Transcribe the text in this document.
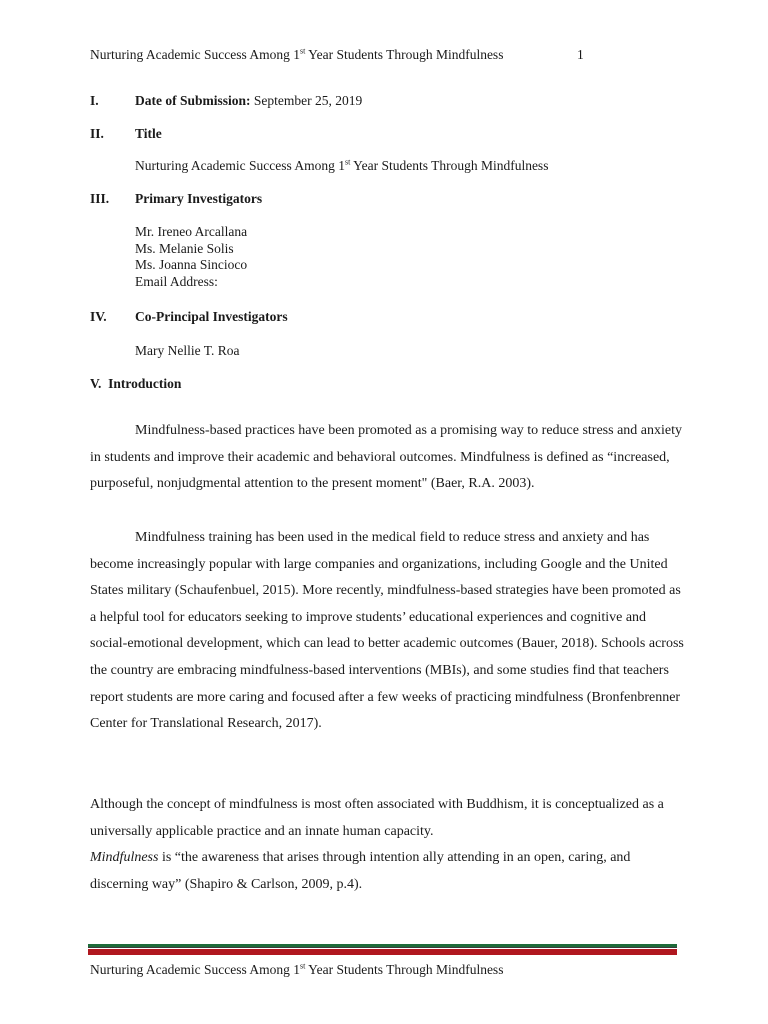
Nurturing Academic Success Among 1st Year Students Through Mindfulness	1
I.	Date of Submission: September 25, 2019
II.	Title
Nurturing Academic Success Among 1st Year Students Through Mindfulness
III.	Primary Investigators
Mr. Ireneo Arcallana
Ms. Melanie Solis
Ms. Joanna Sincioco
Email Address:
IV.	Co-Principal Investigators
Mary Nellie T. Roa
V.  Introduction
Mindfulness-based practices have been promoted as a promising way to reduce stress and anxiety in students and improve their academic and behavioral outcomes. Mindfulness is defined as “increased, purposeful, nonjudgmental attention to the present moment" (Baer, R.A. 2003).
Mindfulness training has been used in the medical field to reduce stress and anxiety and has become increasingly popular with large companies and organizations, including Google and the United States military (Schaufenbuel, 2015). More recently, mindfulness-based strategies have been promoted as a helpful tool for educators seeking to improve students’ educational experiences and cognitive and social-emotional development, which can lead to better academic outcomes (Bauer, 2018). Schools across the country are embracing mindfulness-based interventions (MBIs), and some studies find that teachers report students are more caring and focused after a few weeks of practicing mindfulness (Bronfenbrenner Center for Translational Research, 2017).
Although the concept of mindfulness is most often associated with Buddhism, it is conceptualized as a universally applicable practice and an innate human capacity.
Mindfulness is “the awareness that arises through intention ally attending in an open, caring, and discerning way” (Shapiro & Carlson, 2009, p.4).
Nurturing Academic Success Among 1st Year Students Through Mindfulness
